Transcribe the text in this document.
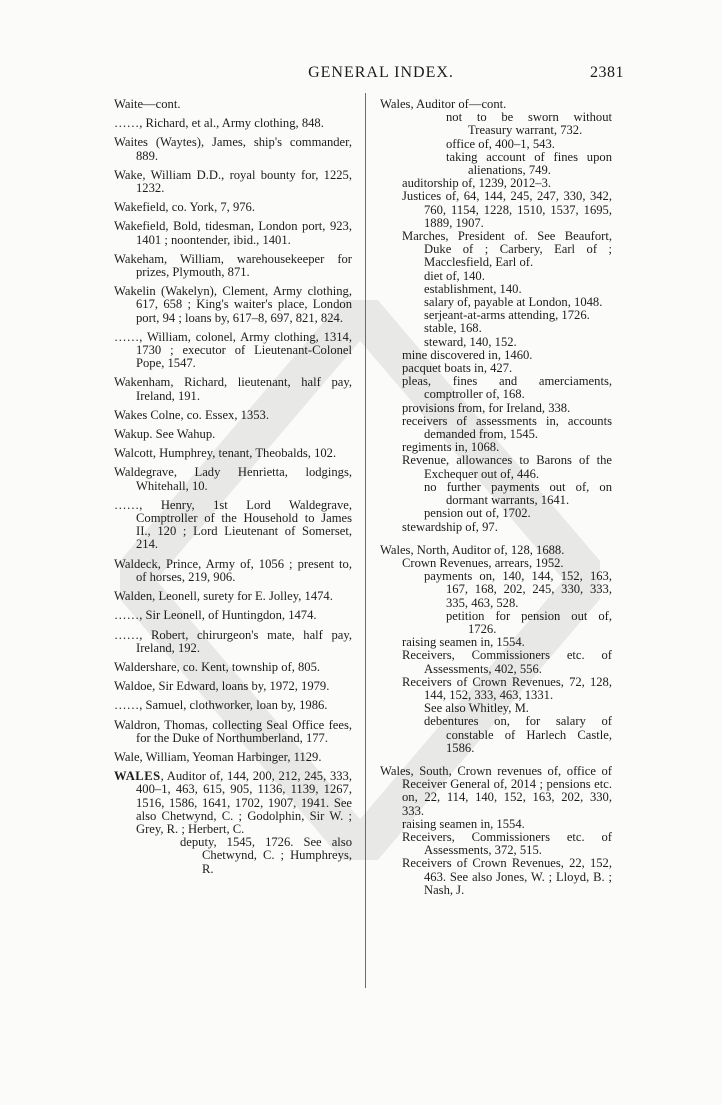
GENERAL INDEX.	2381
Waite—cont.
……, Richard, et al., Army clothing, 848.
Waites (Waytes), James, ship's commander, 889.
Wake, William D.D., royal bounty for, 1225, 1232.
Wakefield, co. York, 7, 976.
Wakefield, Bold, tidesman, London port, 923, 1401 ; noontender, ibid., 1401.
Wakeham, William, warehousekeeper for prizes, Plymouth, 871.
Wakelin (Wakelyn), Clement, Army clothing, 617, 658 ; King's waiter's place, London port, 94 ; loans by, 617–8, 697, 821, 824.
……, William, colonel, Army clothing, 1314, 1730 ; executor of Lieutenant-Colonel Pope, 1547.
Wakenham, Richard, lieutenant, half pay, Ireland, 191.
Wakes Colne, co. Essex, 1353.
Wakup. See Wahup.
Walcott, Humphrey, tenant, Theobalds, 102.
Waldegrave, Lady Henrietta, lodgings, Whitehall, 10.
……, Henry, 1st Lord Waldegrave, Comptroller of the Household to James II., 120 ; Lord Lieutenant of Somerset, 214.
Waldeck, Prince, Army of, 1056 ; present to, of horses, 219, 906.
Walden, Leonell, surety for E. Jolley, 1474.
……, Sir Leonell, of Huntingdon, 1474.
……, Robert, chirurgeon's mate, half pay, Ireland, 192.
Waldershare, co. Kent, township of, 805.
Waldoe, Sir Edward, loans by, 1972, 1979.
……, Samuel, clothworker, loan by, 1986.
Waldron, Thomas, collecting Seal Office fees, for the Duke of Northumberland, 177.
Wale, William, Yeoman Harbinger, 1129.
WALES, Auditor of, 144, 200, 212, 245, 333, 400–1, 463, 615, 905, 1136, 1139, 1267, 1516, 1586, 1641, 1702, 1907, 1941. See also Chetwynd, C. ; Godolphin, Sir W. ; Grey, R. ; Herbert, C.
deputy, 1545, 1726. See also Chetwynd, C. ; Humphreys, R.
Wales, Auditor of—cont.
not to be sworn without Treasury warrant, 732.
office of, 400–1, 543.
taking account of fines upon alienations, 749.
auditorship of, 1239, 2012–3.
Justices of, 64, 144, 245, 247, 330, 342, 760, 1154, 1228, 1510, 1537, 1695, 1889, 1907.
Marches, President of. See Beaufort, Duke of ; Carbery, Earl of ; Macclesfield, Earl of.
diet of, 140.
establishment, 140.
salary of, payable at London, 1048.
serjeant-at-arms attending, 1726.
stable, 168.
steward, 140, 152.
mine discovered in, 1460.
pacquet boats in, 427.
pleas, fines and amerciaments, comptroller of, 168.
provisions from, for Ireland, 338.
receivers of assessments in, accounts demanded from, 1545.
regiments in, 1068.
Revenue, allowances to Barons of the Exchequer out of, 446.
no further payments out of, on dormant warrants, 1641.
pension out of, 1702.
stewardship of, 97.
Wales, North, Auditor of, 128, 1688.
Crown Revenues, arrears, 1952.
payments on, 140, 144, 152, 163, 167, 168, 202, 245, 330, 333, 335, 463, 528.
petition for pension out of, 1726.
raising seamen in, 1554.
Receivers, Commissioners etc. of Assessments, 402, 556.
Receivers of Crown Revenues, 72, 128, 144, 152, 333, 463, 1331.
See also Whitley, M.
debentures on, for salary of constable of Harlech Castle, 1586.
Wales, South, Crown revenues of, office of Receiver General of, 2014 ; pensions etc. on, 22, 114, 140, 152, 163, 202, 330, 333.
raising seamen in, 1554.
Receivers, Commissioners etc. of Assessments, 372, 515.
Receivers of Crown Revenues, 22, 152, 463. See also Jones, W. ; Lloyd, B. ; Nash, J.
